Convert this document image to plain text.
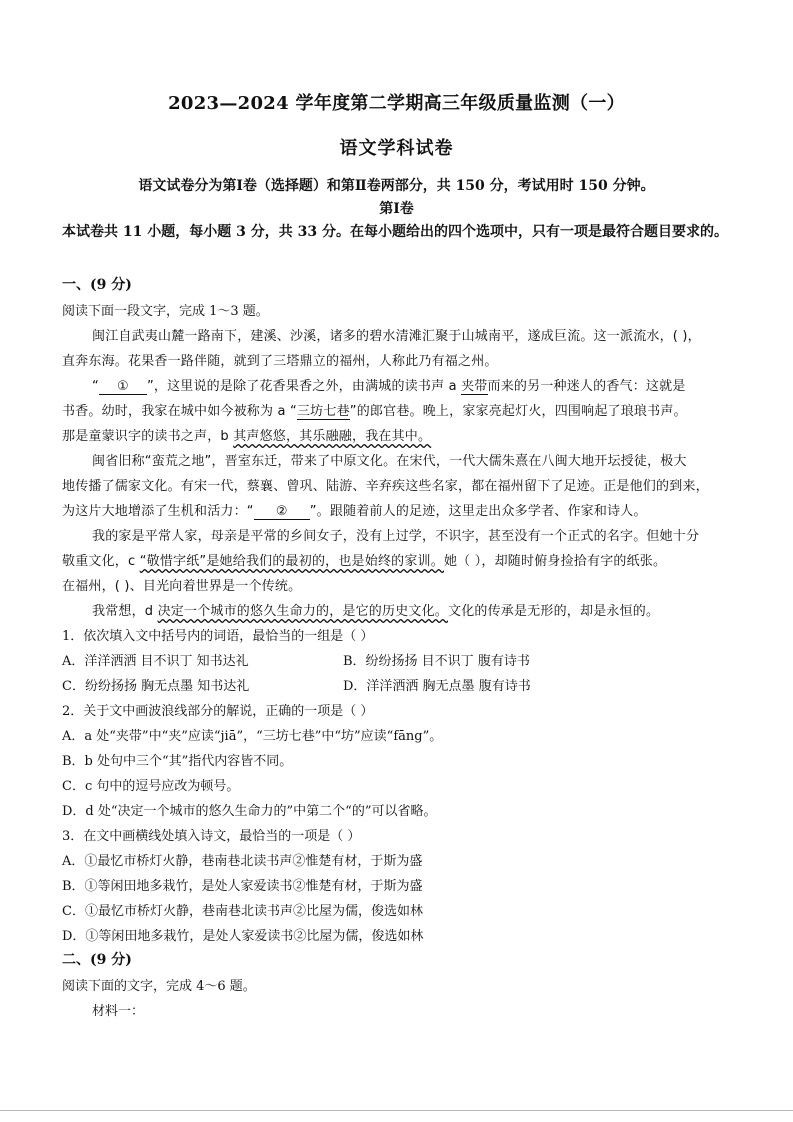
2023—2024 学年度第二学期高三年级质量监测（一）
语文学科试卷
语文试卷分为第Ⅰ卷（选择题）和第Ⅱ卷两部分，共 150 分，考试用时 150 分钟。
第Ⅰ卷
本试卷共 11 小题，每小题 3 分，共 33 分。在每小题给出的四个选项中，只有一项是最符合题目要求的。
一、(9 分)
阅读下面一段文字，完成 1～3 题。
闽江自武夷山麓一路南下，建溪、沙溪，诸多的碧水清滩汇聚于山城南平，遂成巨流。这一派流水，( )，
直奔东海。花果香一路伴随，就到了三塔鼎立的福州，人称此乃有福之州。
“ ① ”，这里说的是除了花香果香之外，由满城的读书声 a 夹带而来的另一种迷人的香气：这就是
书香。幼时，我家在城中如今被称为 a “三坊七巷”的郎官巷。晚上，家家亮起灯火，四围响起了琅琅书声。
那是童蒙识字的读书之声，b 其声悠悠，其乐融融，我在其中。
闽省旧称“蛮荒之地”，晋室东迁，带来了中原文化。在宋代，一代大儒朱熹在八闽大地开坛授徒，极大
地传播了儒家文化。有宋一代，蔡襄、曾巩、陆游、辛弃疾这些名家，都在福州留下了足迹。正是他们的到来，
为这片大地增添了生机和活力：“ ② ”。跟随着前人的足迹，这里走出众多学者、作家和诗人。
我的家是平常人家，母亲是平常的乡间女子，没有上过学，不识字，甚至没有一个正式的名字。但她十分
敬重文化，c “敬惜字纸”是她给我们的最初的，也是始终的家训。她（ ），却随时俯身捡拾有字的纸张。
在福州，( )、目光向着世界是一个传统。
我常想，d 决定一个城市的悠久生命力的，是它的历史文化。文化的传承是无形的，却是永恒的。
1．依次填入文中括号内的词语，最恰当的一组是（ ）
A．洋洋洒洒 目不识丁 知书达礼	B．纷纷扬扬 目不识丁 腹有诗书
C．纷纷扬扬 胸无点墨 知书达礼	D．洋洋洒洒 胸无点墨 腹有诗书
2．关于文中画波浪线部分的解说，正确的一项是（ ）
A．a 处“夹带”中“夹”应读“jiā”，“三坊七巷”中“坊”应读“fāng”。
B．b 处句中三个“其”指代内容皆不同。
C．c 句中的逗号应改为顿号。
D．d 处“决定一个城市的悠久生命力的”中第二个“的”可以省略。
3．在文中画横线处填入诗文，最恰当的一项是（ ）
A．①最忆市桥灯火静，巷南巷北读书声②惟楚有材，于斯为盛
B．①等闲田地多栽竹，是处人家爱读书②惟楚有材，于斯为盛
C．①最忆市桥灯火静，巷南巷北读书声②比屋为儒，俊选如林
D．①等闲田地多栽竹，是处人家爱读书②比屋为儒，俊选如林
二、(9 分)
阅读下面的文字，完成 4～6 题。
材料一：
